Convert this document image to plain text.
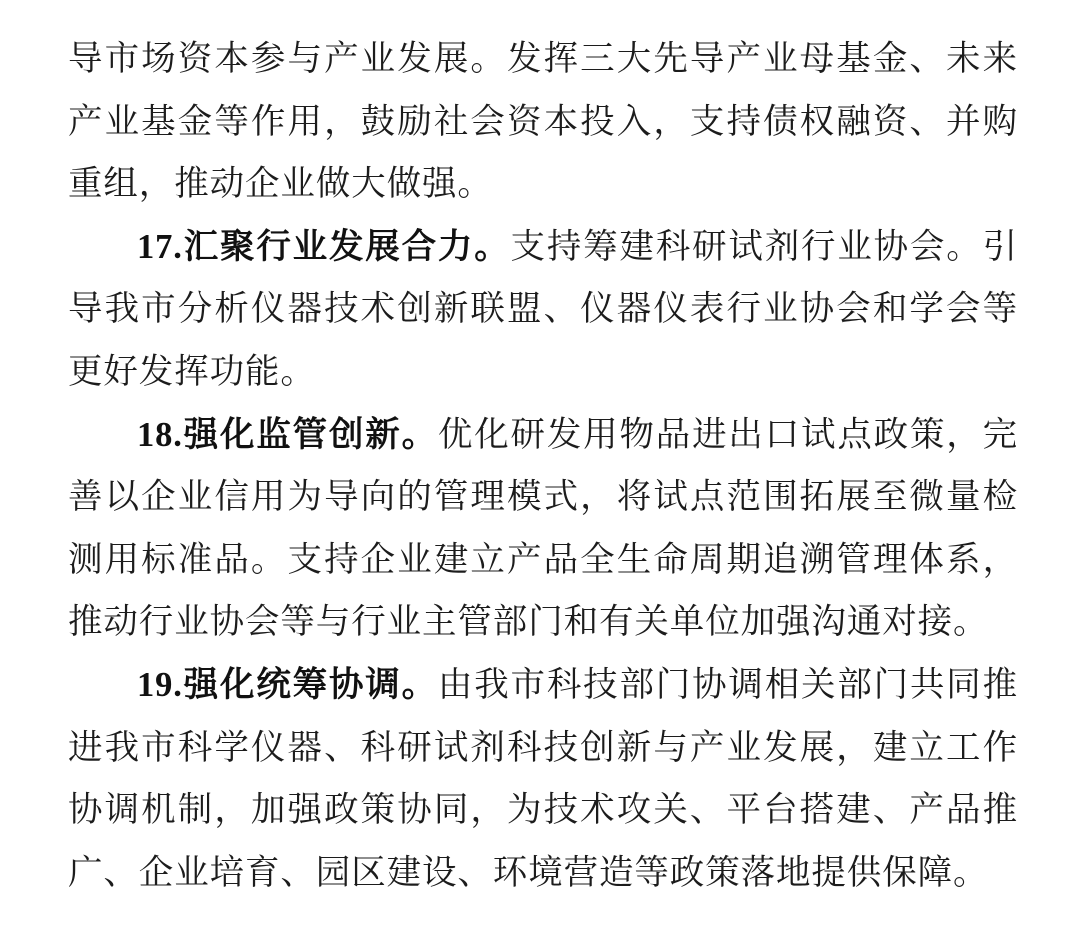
导市场资本参与产业发展。发挥三大先导产业母基金、未来产业基金等作用，鼓励社会资本投入，支持债权融资、并购重组，推动企业做大做强。

17.汇聚行业发展合力。支持筹建科研试剂行业协会。引导我市分析仪器技术创新联盟、仪器仪表行业协会和学会等更好发挥功能。

18.强化监管创新。优化研发用物品进出口试点政策，完善以企业信用为导向的管理模式，将试点范围拓展至微量检测用标准品。支持企业建立产品全生命周期追溯管理体系，推动行业协会等与行业主管部门和有关单位加强沟通对接。

19.强化统筹协调。由我市科技部门协调相关部门共同推进我市科学仪器、科研试剂科技创新与产业发展，建立工作协调机制，加强政策协同，为技术攻关、平台搭建、产品推广、企业培育、园区建设、环境营造等政策落地提供保障。
